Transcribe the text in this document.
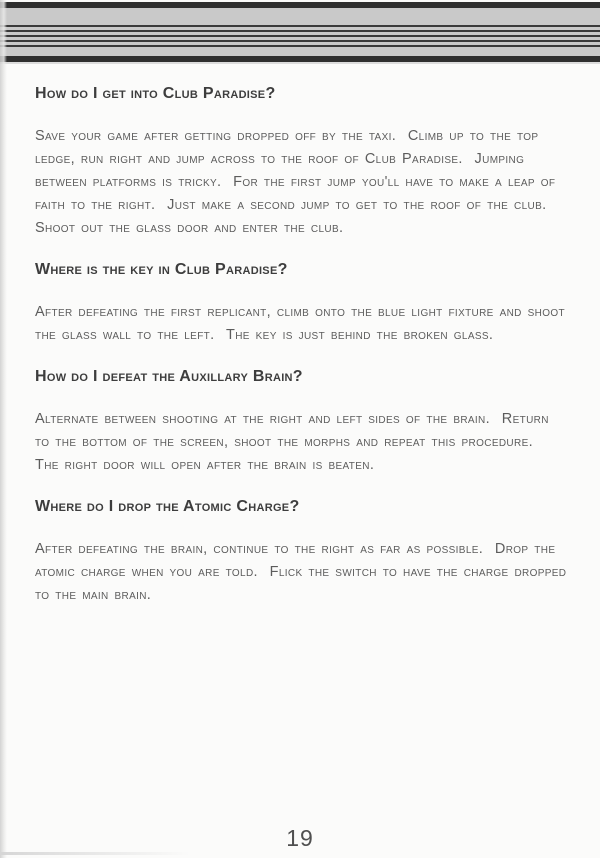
How do I get into Club Paradise?

Save your game after getting dropped off by the taxi.  Climb up to the top ledge, run right and jump across to the roof of Club Paradise.  Jumping between platforms is tricky.  For the first jump you'll have to make a leap of faith to the right.  Just make a second jump to get to the roof of the club.  Shoot out the glass door and enter the club.

Where is the key in Club Paradise?

After defeating the first replicant, climb onto the blue light fixture and shoot the glass wall to the left.  The key is just behind the broken glass.

How do I defeat the Auxillary Brain?

Alternate between shooting at the right and left sides of the brain.  Return to the bottom of the screen, shoot the morphs and repeat this procedure.  The right door will open after the brain is beaten.

Where do I drop the Atomic Charge?

After defeating the brain, continue to the right as far as possible.  Drop the atomic charge when you are told.  Flick the switch to have the charge dropped to the main brain.

19
